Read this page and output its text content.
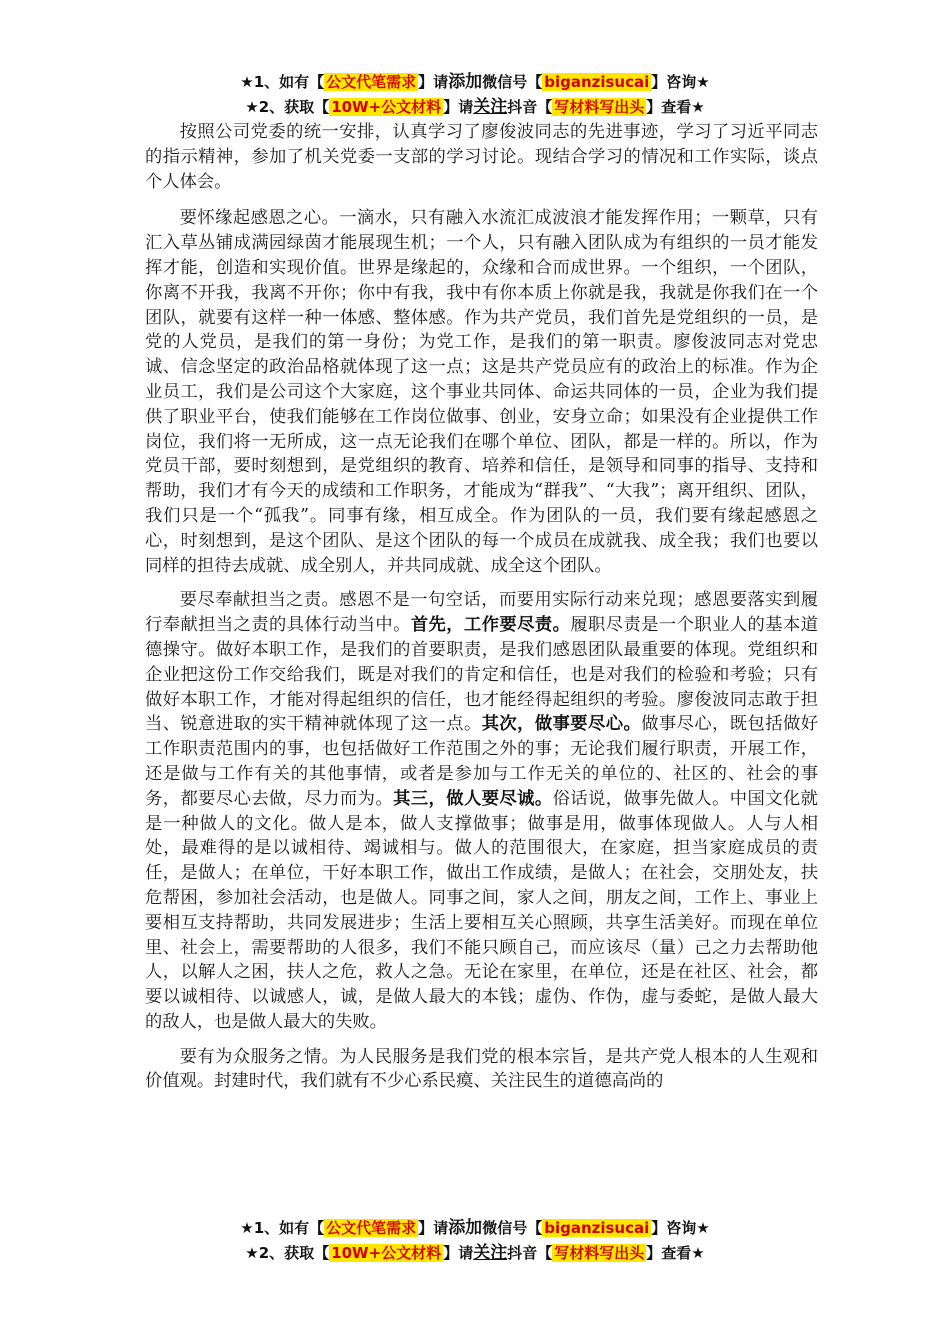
★1、如有【 公文代笔需求 】请添加微信号【 biganzisucai 】咨询★
★2、获取【 10W+公文材料 】请关注抖音【 写材料写出头 】查看★

按照公司党委的统一安排，认真学习了廖俊波同志的先进事迹，学习了习近平同志的指示精神，参加了机关党委一支部的学习讨论。现结合学习的情况和工作实际，谈点个人体会。

要怀缘起感恩之心。一滴水，只有融入水流汇成波浪才能发挥作用；一颗草，只有汇入草丛铺成满园绿茵才能展现生机；一个人，只有融入团队成为有组织的一员才能发挥才能，创造和实现价值。世界是缘起的，众缘和合而成世界。一个组织，一个团队，你离不开我，我离不开你；你中有我，我中有你本质上你就是我，我就是你我们在一个团队，就要有这样一种一体感、整体感。作为共产党员，我们首先是党组织的一员，是党的人党员，是我们的第一身份；为党工作，是我们的第一职责。廖俊波同志对党忠诚、信念坚定的政治品格就体现了这一点；这是共产党员应有的政治上的标准。作为企业员工，我们是公司这个大家庭，这个事业共同体、命运共同体的一员，企业为我们提供了职业平台，使我们能够在工作岗位做事、创业，安身立命；如果没有企业提供工作岗位，我们将一无所成，这一点无论我们在哪个单位、团队，都是一样的。所以，作为党员干部，要时刻想到，是党组织的教育、培养和信任，是领导和同事的指导、支持和帮助，我们才有今天的成绩和工作职务，才能成为“群我”、“大我”；离开组织、团队，我们只是一个“孤我”。同事有缘，相互成全。作为团队的一员，我们要有缘起感恩之心，时刻想到，是这个团队、是这个团队的每一个成员在成就我、成全我；我们也要以同样的担待去成就、成全别人，并共同成就、成全这个团队。

要尽奉献担当之责。感恩不是一句空话，而要用实际行动来兑现；感恩要落实到履行奉献担当之责的具体行动当中。首先，工作要尽责。履职尽责是一个职业人的基本道德操守。做好本职工作，是我们的首要职责，是我们感恩团队最重要的体现。党组织和企业把这份工作交给我们，既是对我们的肯定和信任，也是对我们的检验和考验；只有做好本职工作，才能对得起组织的信任，也才能经得起组织的考验。廖俊波同志敢于担当、锐意进取的实干精神就体现了这一点。其次，做事要尽心。做事尽心，既包括做好工作职责范围内的事，也包括做好工作范围之外的事；无论我们履行职责，开展工作，还是做与工作有关的其他事情，或者是参加与工作无关的单位的、社区的、社会的事务，都要尽心去做，尽力而为。其三，做人要尽诚。俗话说，做事先做人。中国文化就是一种做人的文化。做人是本，做人支撑做事；做事是用，做事体现做人。人与人相处，最难得的是以诚相待、竭诚相与。做人的范围很大，在家庭，担当家庭成员的责任，是做人；在单位，干好本职工作，做出工作成绩，是做人；在社会，交朋处友，扶危帮困，参加社会活动，也是做人。同事之间，家人之间，朋友之间，工作上、事业上要相互支持帮助，共同发展进步；生活上要相互关心照顾，共享生活美好。而现在单位里、社会上，需要帮助的人很多，我们不能只顾自己，而应该尽（量）己之力去帮助他人，以解人之困，扶人之危，救人之急。无论在家里，在单位，还是在社区、社会，都要以诚相待、以诚感人，诚，是做人最大的本钱；虚伪、作伪，虚与委蛇，是做人最大的敌人，也是做人最大的失败。

要有为众服务之情。为人民服务是我们党的根本宗旨，是共产党人根本的人生观和价值观。封建时代，我们就有不少心系民瘼、关注民生的道德高尚的

★1、如有【 公文代笔需求 】请添加微信号【 biganzisucai 】咨询★
★2、获取【 10W+公文材料 】请关注抖音【 写材料写出头 】查看★
